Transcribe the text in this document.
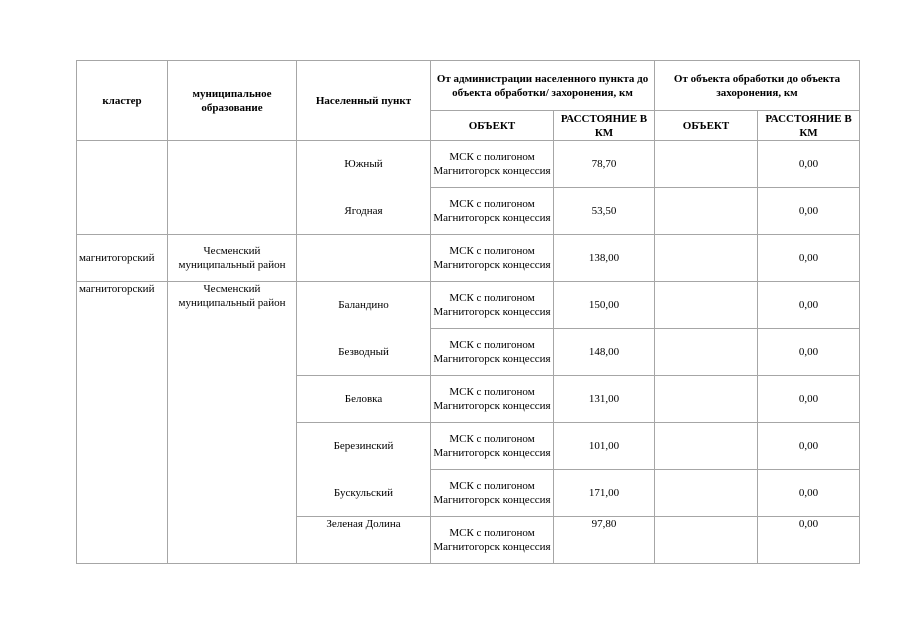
кластер	муниципальное образование	Населенный пункт	От администрации населенного пункта до объекта обработки/ захоронения, км		От объекта обработки до объекта захоронения, км	
			ОБЪЕКТ	РАССТОЯНИЕ В КМ	ОБЪЕКТ	РАССТОЯНИЕ В КМ
		Южный	МСК с полигоном Магнитогорск концессия	78,70		0,00
		Ягодная	МСК с полигоном Магнитогорск концессия	53,50		0,00
магнитогорский	Чесменский муниципальный район		МСК с полигоном Магнитогорск концессия	138,00		0,00
магнитогорский	Чесменский муниципальный район	Баландино	МСК с полигоном Магнитогорск концессия	150,00		0,00
		Безводный	МСК с полигоном Магнитогорск концессия	148,00		0,00
		Беловка	МСК с полигоном Магнитогорск концессия	131,00		0,00
		Березинский	МСК с полигоном Магнитогорск концессия	101,00		0,00
		Бускульский	МСК с полигоном Магнитогорск концессия	171,00		0,00
		Зеленая Долина	МСК с полигоном Магнитогорск концессия	97,80		0,00
